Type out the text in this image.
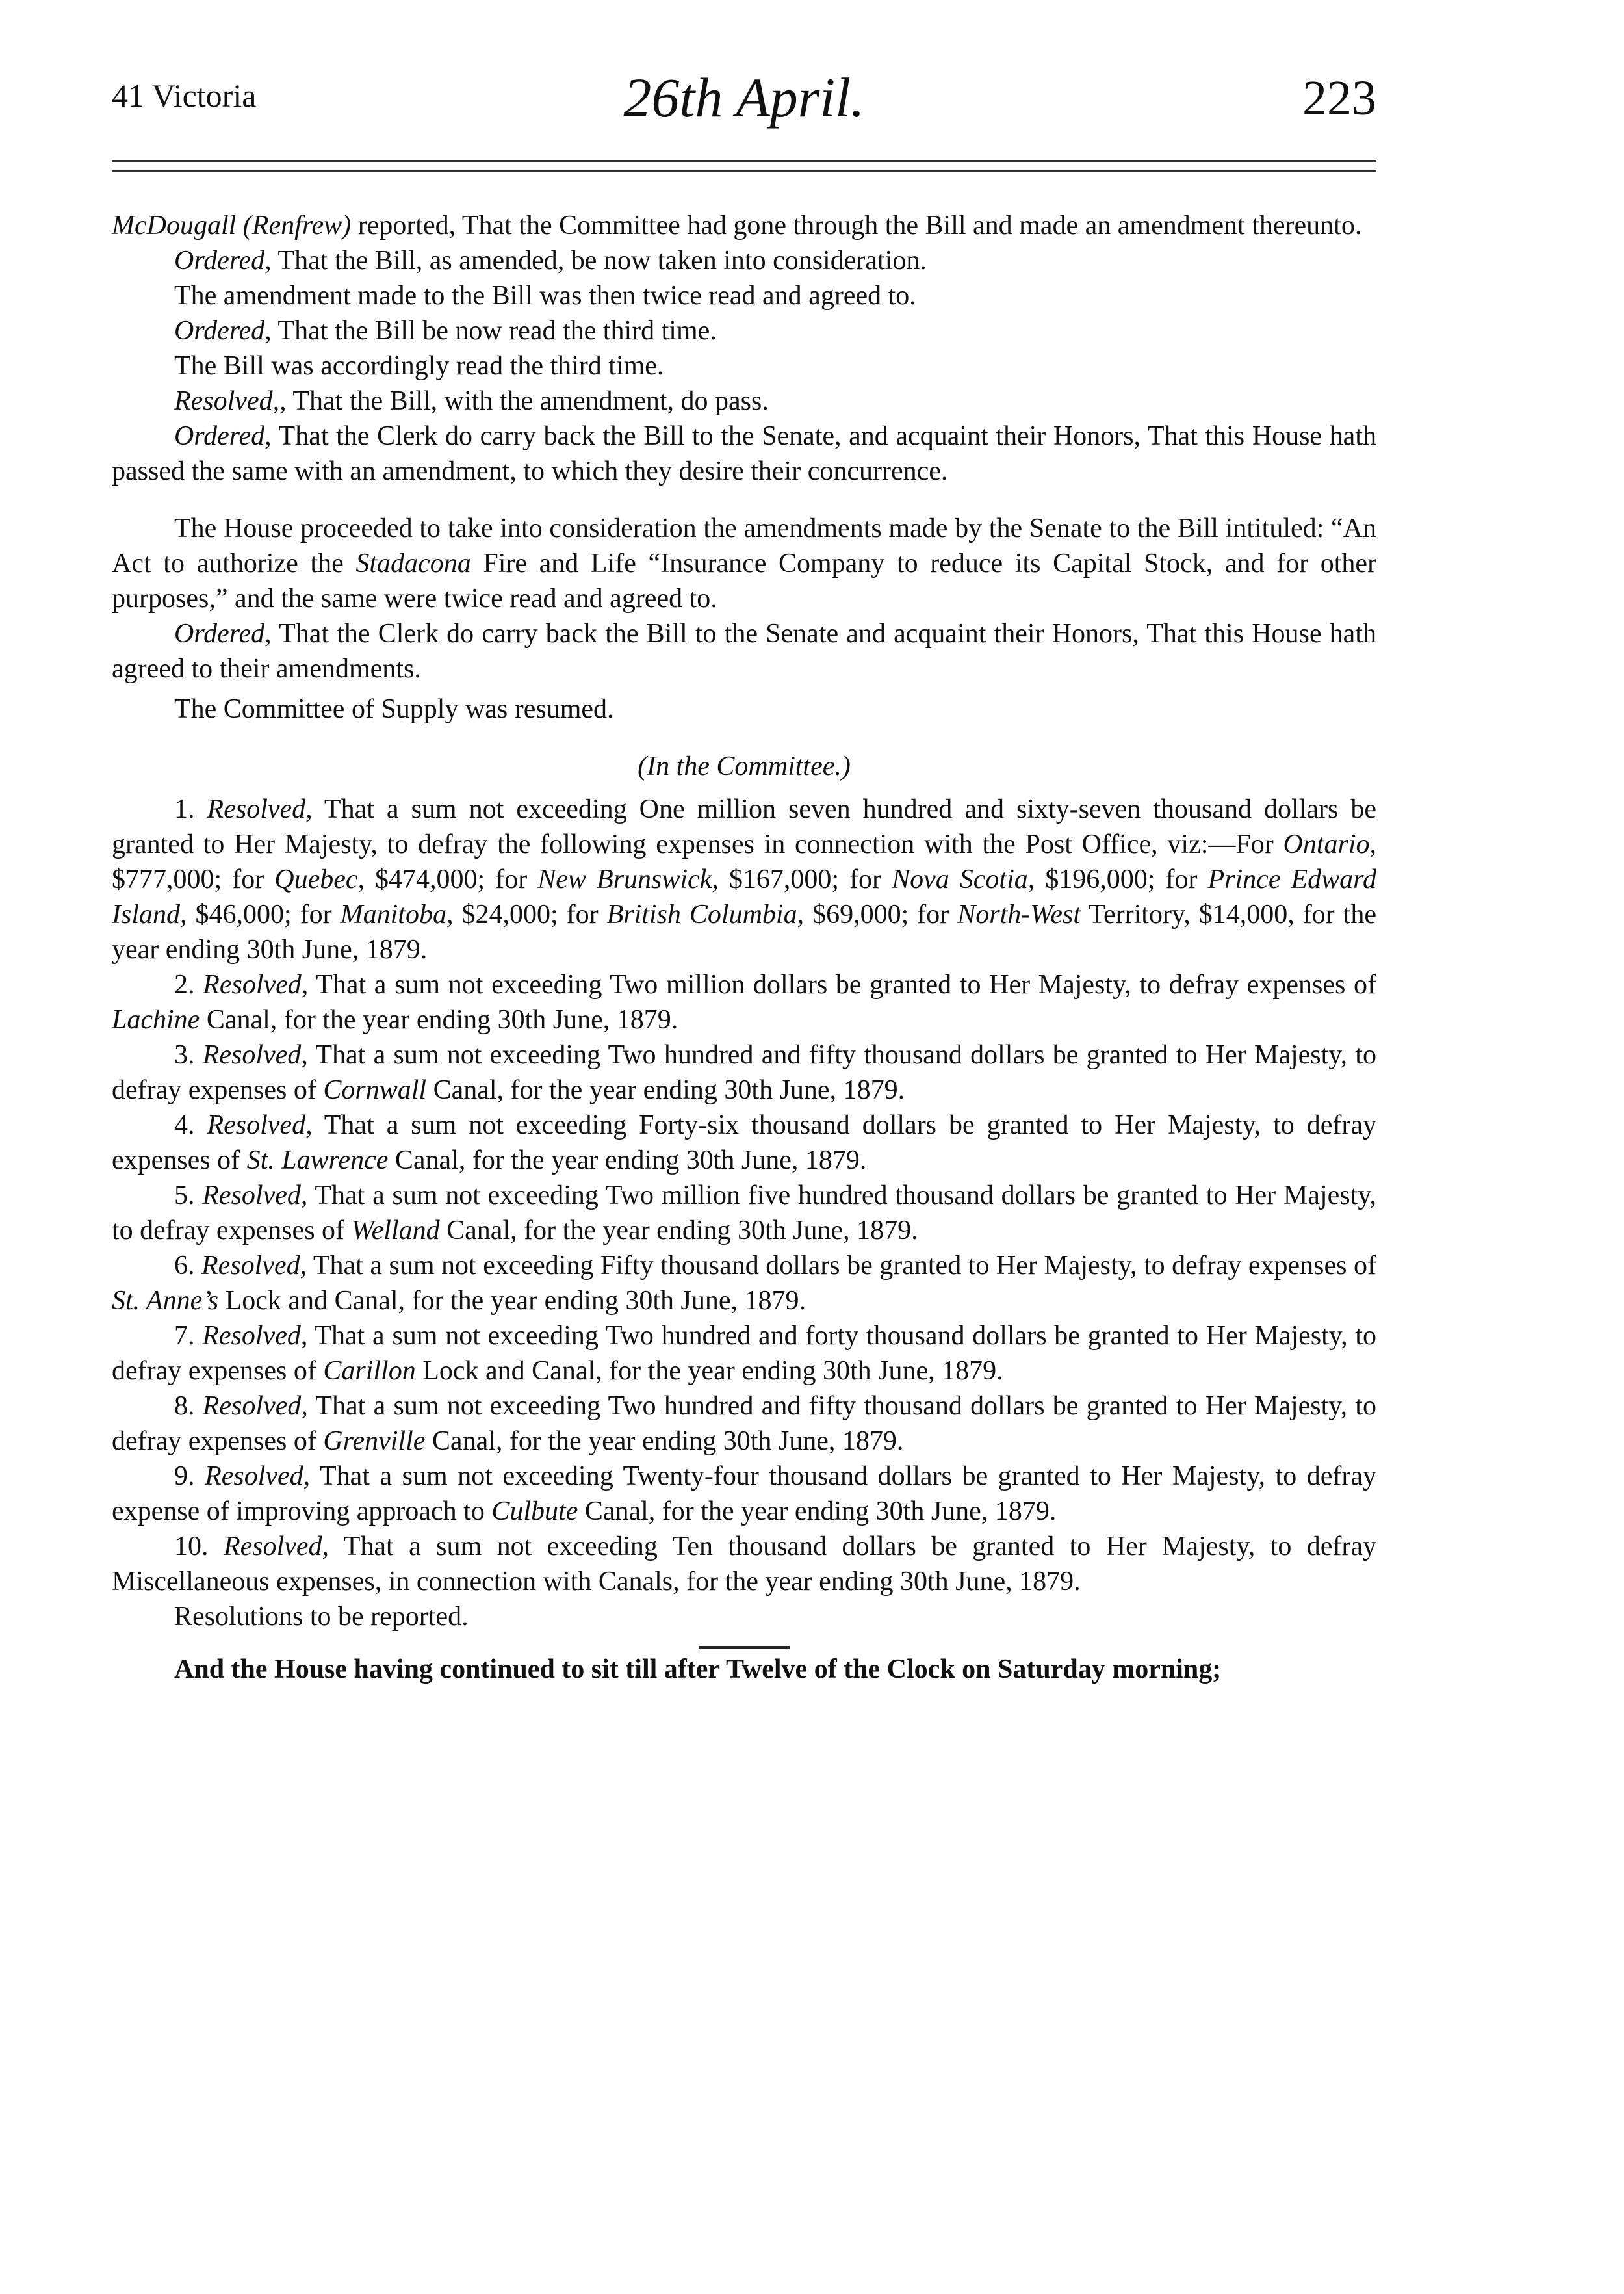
41 Victoria	26th April.	223

McDougall (Renfrew) reported, That the Committee had gone through the Bill and made an amendment thereunto.

Ordered, That the Bill, as amended, be now taken into consideration.

The amendment made to the Bill was then twice read and agreed to.

Ordered, That the Bill be now read the third time.

The Bill was accordingly read the third time.

Resolved,, That the Bill, with the amendment, do pass.

Ordered, That the Clerk do carry back the Bill to the Senate, and acquaint their Honors, That this House hath passed the same with an amendment, to which they desire their concurrence.

The House proceeded to take into consideration the amendments made by the Senate to the Bill intituled: “An Act to authorize the Stadacona Fire and Life “Insurance Company to reduce its Capital Stock, and for other purposes,” and the same were twice read and agreed to.

Ordered, That the Clerk do carry back the Bill to the Senate and acquaint their Honors, That this House hath agreed to their amendments.

The Committee of Supply was resumed.

(In the Committee.)

1. Resolved, That a sum not exceeding One million seven hundred and sixty-seven thousand dollars be granted to Her Majesty, to defray the following expenses in connection with the Post Office, viz:—For Ontario, $777,000; for Quebec, $474,000; for New Brunswick, $167,000; for Nova Scotia, $196,000; for Prince Edward Island, $46,000; for Manitoba, $24,000; for British Columbia, $69,000; for North-West Territory, $14,000, for the year ending 30th June, 1879.

2. Resolved, That a sum not exceeding Two million dollars be granted to Her Majesty, to defray expenses of Lachine Canal, for the year ending 30th June, 1879.

3. Resolved, That a sum not exceeding Two hundred and fifty thousand dollars be granted to Her Majesty, to defray expenses of Cornwall Canal, for the year ending 30th June, 1879.

4. Resolved, That a sum not exceeding Forty-six thousand dollars be granted to Her Majesty, to defray expenses of St. Lawrence Canal, for the year ending 30th June, 1879.

5. Resolved, That a sum not exceeding Two million five hundred thousand dollars be granted to Her Majesty, to defray expenses of Welland Canal, for the year ending 30th June, 1879.

6. Resolved, That a sum not exceeding Fifty thousand dollars be granted to Her Majesty, to defray expenses of St. Anne’s Lock and Canal, for the year ending 30th June, 1879.

7. Resolved, That a sum not exceeding Two hundred and forty thousand dollars be granted to Her Majesty, to defray expenses of Carillon Lock and Canal, for the year ending 30th June, 1879.

8. Resolved, That a sum not exceeding Two hundred and fifty thousand dollars be granted to Her Majesty, to defray expenses of Grenville Canal, for the year ending 30th June, 1879.

9. Resolved, That a sum not exceeding Twenty-four thousand dollars be granted to Her Majesty, to defray expense of improving approach to Culbute Canal, for the year ending 30th June, 1879.

10. Resolved, That a sum not exceeding Ten thousand dollars be granted to Her Majesty, to defray Miscellaneous expenses, in connection with Canals, for the year ending 30th June, 1879.

Resolutions to be reported.

And the House having continued to sit till after Twelve of the Clock on Saturday morning;
